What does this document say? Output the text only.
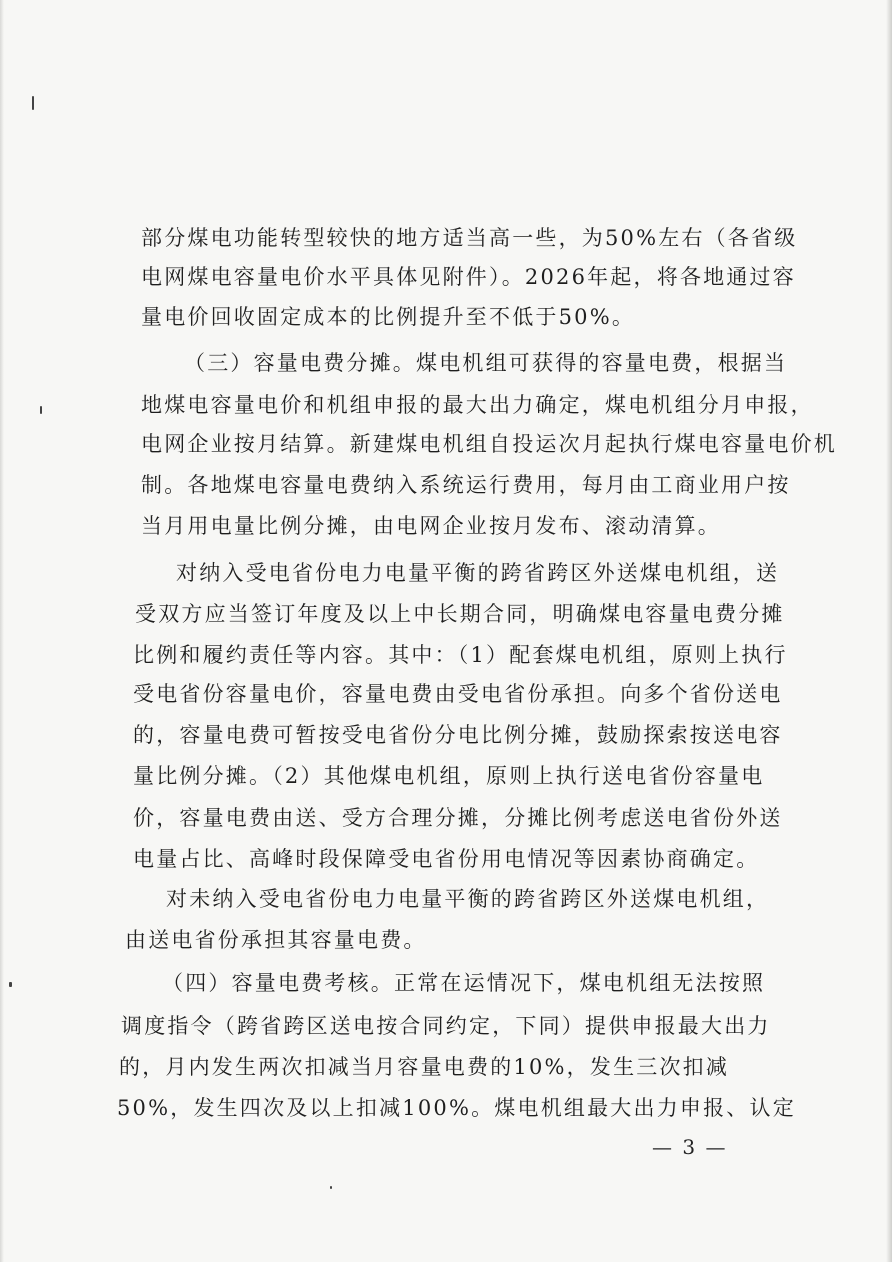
部分煤电功能转型较快的地方适当高一些，为50%左右（各省级
电网煤电容量电价水平具体见附件）。2026年起，将各地通过容
量电价回收固定成本的比例提升至不低于50%。
（三）容量电费分摊。煤电机组可获得的容量电费，根据当
地煤电容量电价和机组申报的最大出力确定，煤电机组分月申报，
电网企业按月结算。新建煤电机组自投运次月起执行煤电容量电价机
制。各地煤电容量电费纳入系统运行费用，每月由工商业用户按
当月用电量比例分摊，由电网企业按月发布、滚动清算。
对纳入受电省份电力电量平衡的跨省跨区外送煤电机组，送
受双方应当签订年度及以上中长期合同，明确煤电容量电费分摊
比例和履约责任等内容。其中：（1）配套煤电机组，原则上执行
受电省份容量电价，容量电费由受电省份承担。向多个省份送电
的，容量电费可暂按受电省份分电比例分摊，鼓励探索按送电容
量比例分摊。（2）其他煤电机组，原则上执行送电省份容量电
价，容量电费由送、受方合理分摊，分摊比例考虑送电省份外送
电量占比、高峰时段保障受电省份用电情况等因素协商确定。
对未纳入受电省份电力电量平衡的跨省跨区外送煤电机组，
由送电省份承担其容量电费。
（四）容量电费考核。正常在运情况下，煤电机组无法按照
调度指令（跨省跨区送电按合同约定，下同）提供申报最大出力
的，月内发生两次扣减当月容量电费的10%，发生三次扣减
50%，发生四次及以上扣减100%。煤电机组最大出力申报、认定
— 3 —
